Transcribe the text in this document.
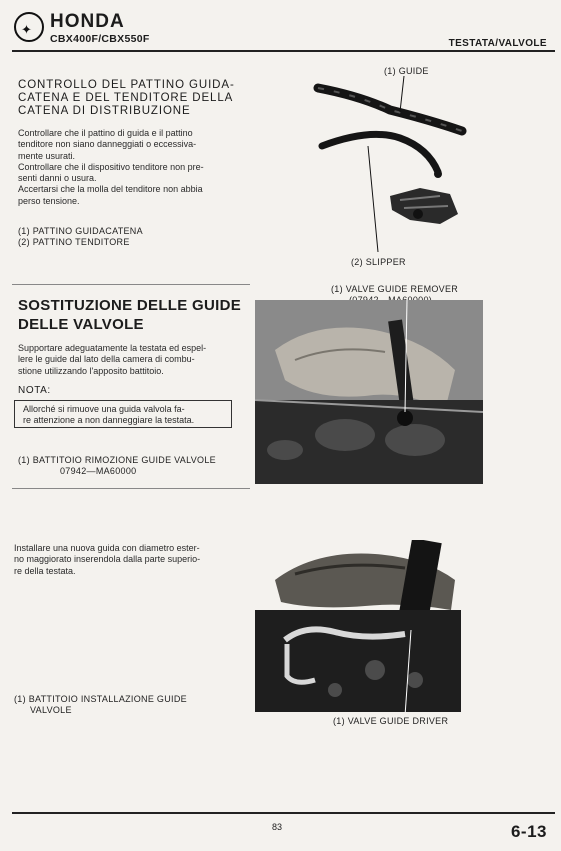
✦ HONDA
CBX400F/CBX550F	TESTATA/VALVOLE
CONTROLLO DEL PATTINO GUIDA-
CATENA E DEL TENDITORE DELLA
CATENA DI DISTRIBUZIONE
Controllare che il pattino di guida e il pattino
tenditore non siano danneggiati o eccessiva-
mente usurati.
Controllare che il dispositivo tenditore non pre-
senti danni o usura.
Accertarsi che la molla del tenditore non abbia
perso tensione.
(1) PATTINO GUIDACATENA
(2) PATTINO TENDITORE
SOSTITUZIONE DELLE GUIDE
DELLE VALVOLE
Supportare adeguatamente la testata ed espel-
lere le guide dal lato della camera di combu-
stione utilizzando l'apposito battitoio.
NOTA:
Allorché si rimuove una guida valvola fa-
re attenzione a non danneggiare la testata.
(1) BATTITOIO RIMOZIONE GUIDE VALVOLE
07942—MA60000
Installare una nuova guida con diametro ester-
no maggiorato inserendola dalla parte superio-
re della testata.
(1) BATTITOIO INSTALLAZIONE GUIDE
VALVOLE
(1) GUIDE
(2) SLIPPER
(1) VALVE GUIDE REMOVER
(1) VALVE GUIDE DRIVER
83	6-13
